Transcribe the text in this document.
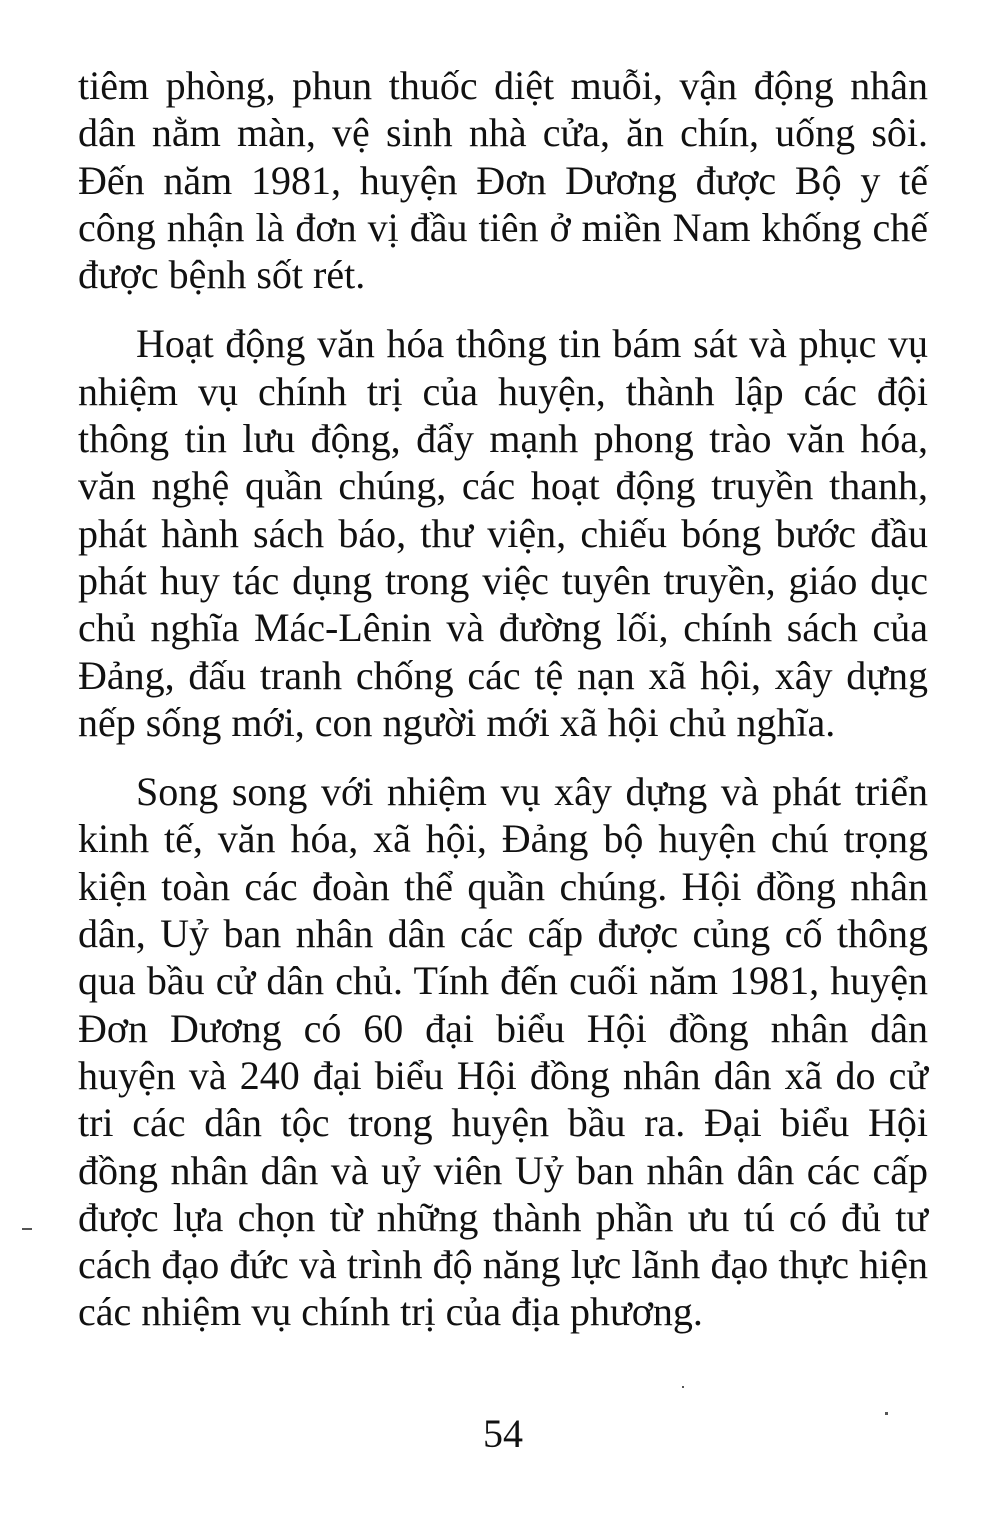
tiêm phòng, phun thuốc diệt muỗi, vận động nhân dân nằm màn, vệ sinh nhà cửa, ăn chín, uống sôi. Đến năm 1981, huyện Đơn Dương được Bộ y tế công nhận là đơn vị đầu tiên ở miền Nam khống chế được bệnh sốt rét.

Hoạt động văn hóa thông tin bám sát và phục vụ nhiệm vụ chính trị của huyện, thành lập các đội thông tin lưu động, đẩy mạnh phong trào văn hóa, văn nghệ quần chúng, các hoạt động truyền thanh, phát hành sách báo, thư viện, chiếu bóng bước đầu phát huy tác dụng trong việc tuyên truyền, giáo dục chủ nghĩa Mác-Lênin và đường lối, chính sách của Đảng, đấu tranh chống các tệ nạn xã hội, xây dựng nếp sống mới, con người mới xã hội chủ nghĩa.

Song song với nhiệm vụ xây dựng và phát triển kinh tế, văn hóa, xã hội, Đảng bộ huyện chú trọng kiện toàn các đoàn thể quần chúng. Hội đồng nhân dân, Uỷ ban nhân dân các cấp được củng cố thông qua bầu cử dân chủ. Tính đến cuối năm 1981, huyện Đơn Dương có 60 đại biểu Hội đồng nhân dân huyện và 240 đại biểu Hội đồng nhân dân xã do cử tri các dân tộc trong huyện bầu ra. Đại biểu Hội đồng nhân dân và uỷ viên Uỷ ban nhân dân các cấp được lựa chọn từ những thành phần ưu tú có đủ tư cách đạo đức và trình độ năng lực lãnh đạo thực hiện các nhiệm vụ chính trị của địa phương.

54
